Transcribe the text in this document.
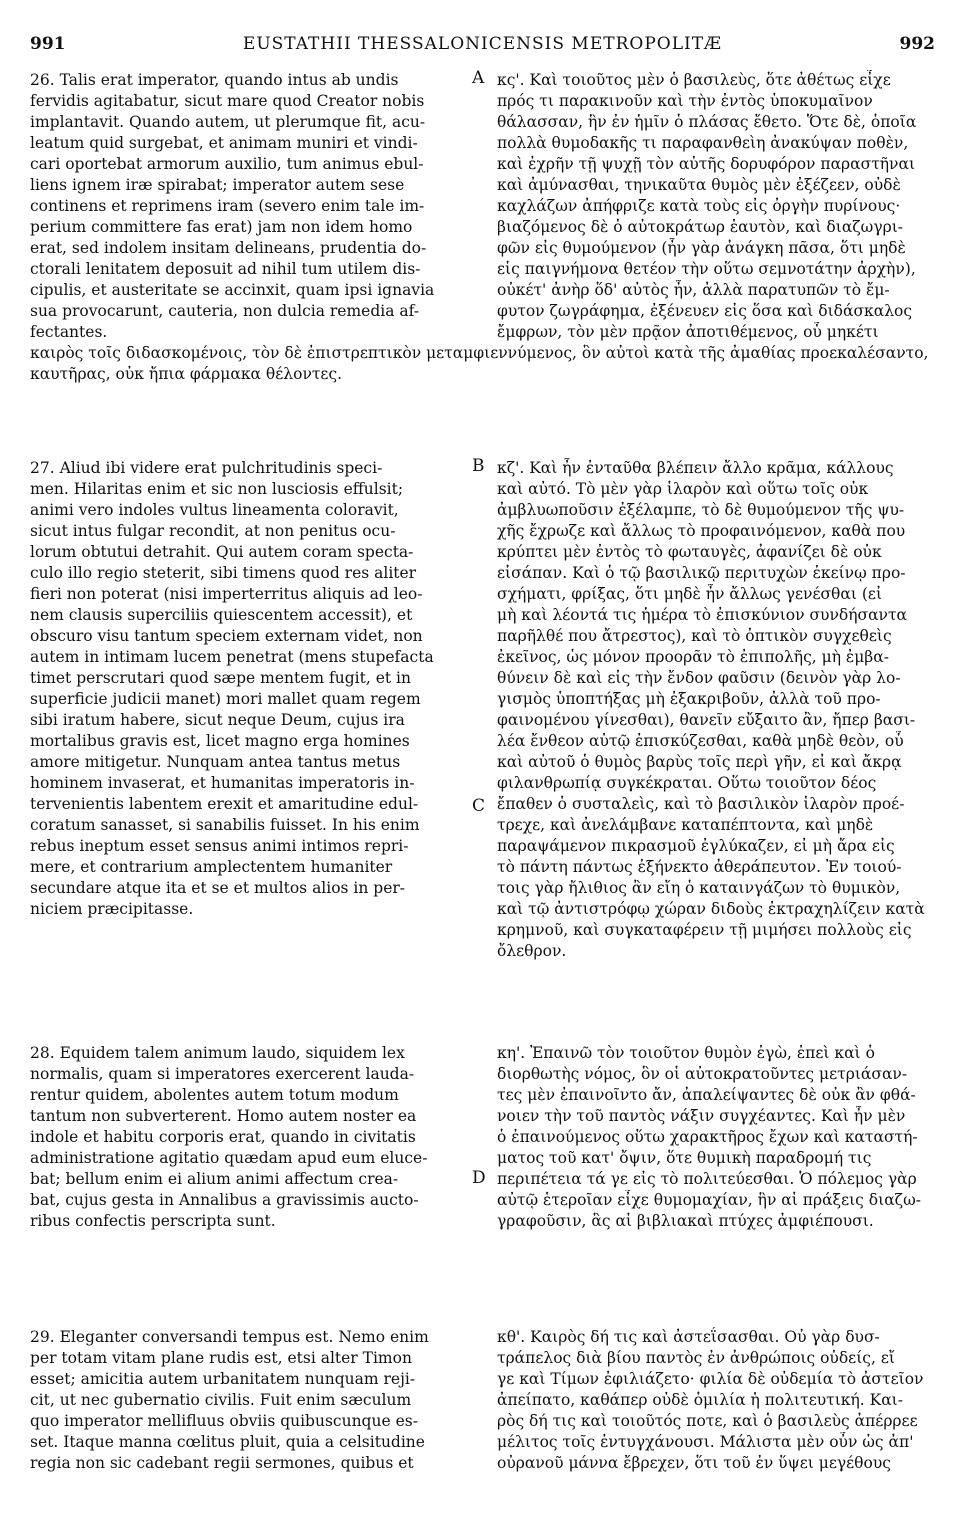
991	EUSTATHII THESSALONICENSIS METROPOLITÆ	992
26. Talis erat imperator, quando intus ab undis
fervidis agitabatur, sicut mare quod Creator nobis
implantavit. Quando autem, ut plerumque fit, acu-
leatum quid surgebat, et animam muniri et vindi-
cari oportebat armorum auxilio, tum animus ebul-
liens ignem iræ spirabat; imperator autem sese
continens et reprimens iram (severo enim tale im-
perium committere fas erat) jam non idem homo
erat, sed indolem insitam delineans, prudentia do-
ctorali lenitatem deposuit ad nihil tum utilem dis-
cipulis, et austeritate se accinxit, quam ipsi ignavia
sua provocarunt, cauteria, non dulcia remedia af-
fectantes.
A κς'. Καὶ τοιοῦτος μὲν ὁ βασιλεὺς, ὅτε ἀθέτως εἶχε
πρός τι παρακινοῦν καὶ τὴν ἐντὸς ὑποκυμαῖνον
θάλασσαν, ἣν ἐν ἡμῖν ὁ πλάσας ἔθετο. Ὅτε δὲ, ὁποῖα
πολλὰ θυμοδακῆς τι παραφανθεὶη ἀνακύψαν ποθὲν,
καὶ ἐχρῆν τῇ ψυχῇ τὸν αὐτῆς δορυφόρον παραστῆναι
καὶ ἀμύνασθαι, τηνικαῦτα θυμὸς μὲν ἐξέζεεν, οὐδὲ
καχλάζων ἀπήφριζε κατὰ τοὺς εἰς ὀργὴν πυρίνους·
βιαζόμενος δὲ ὁ αὐτοκράτωρ ἑαυτὸν, καὶ διαζωγρι-
φῶν εἰς θυμούμενον (ἦν γὰρ ἀνάγκη πᾶσα, ὅτι μηδὲ
εἰς παιγνήμονα θετέον τὴν οὕτω σεμνοτάτην ἀρχὴν),
οὐκέτ' ἀνὴρ ὅδ' αὐτὸς ἦν, ἀλλὰ παρατυπῶν τὸ ἔμ-
φυτον ζωγράφημα, ἐξένευεν εἰς ὅσα καὶ διδάσκαλος
ἔμφρων, τὸν μὲν πρᾷον ἀποτιθέμενος, οὗ μηκέτι
καιρὸς τοῖς διδασκομένοις, τὸν δὲ ἐπιστρεπτικὸν μεταμφιεννύμενος, ὃν αὐτοὶ κατὰ τῆς ἀμαθίας προεκαλέσαντο,
καυτῆρας, οὐκ ἤπια φάρμακα θέλοντες.
27. Aliud ibi videre erat pulchritudinis speci-
men. Hilaritas enim et sic non lusciosis effulsit;
animi vero indoles vultus lineamenta coloravit,
sicut intus fulgar recondit, at non penitus ocu-
lorum obtutui detrahit. Qui autem coram specta-
culo illo regio steterit, sibi timens quod res aliter
fieri non poterat (nisi imperterritus aliquis ad leo-
nem clausis superciliis quiescentem accessit), et
obscuro visu tantum speciem externam videt, non
autem in intimam lucem penetrat (mens stupefacta
timet perscrutari quod sæpe mentem fugit, et in
superficie judicii manet) mori mallet quam regem
sibi iratum habere, sicut neque Deum, cujus ira
mortalibus gravis est, licet magno erga homines
amore mitigetur. Nunquam antea tantus metus
hominem invaserat, et humanitas imperatoris in-
tervenientis labentem erexit et amaritudine edul-
coratum sanasset, si sanabilis fuisset. In his enim
rebus ineptum esset sensus animi intimos repri-
mere, et contrarium amplectentem humaniter
secundare atque ita et se et multos alios in per-
niciem præcipitasse.
B
C
κζ'. Καὶ ἦν ἐνταῦθα βλέπειν ἄλλο κρᾶμα, κάλλους
καὶ αὐτό. Τὸ μὲν γὰρ ἱλαρὸν καὶ οὕτω τοῖς οὐκ
ἀμβλυωποῦσιν ἐξέλαμπε, τὸ δὲ θυμούμενον τῆς ψυ-
χῆς ἔχρωζε καὶ ἄλλως τὸ προφαινόμενον, καθὰ που
κρύπτει μὲν ἐντὸς τὸ φωταυγὲς, ἀφανίζει δὲ οὐκ
εἰσάπαν. Καὶ ὁ τῷ βασιλικῷ περιτυχὼν ἐκείνῳ προ-
σχήματι, φρίξας, ὅτι μηδὲ ἦν ἄλλως γενέσθαι (εἰ
μὴ καὶ λέοντά τις ἡμέρα τὸ ἐπισκύνιον συνδήσαντα
παρῆλθέ που ἄτρεστος), καὶ τὸ ὀπτικὸν συγχεθεὶς
ἐκεῖνος, ὡς μόνον προορᾶν τὸ ἐπιπολῆς, μὴ ἐμβα-
θύνειν δὲ καὶ εἰς τὴν ἔνδον φαῦσιν (δεινὸν γὰρ λο-
γισμὸς ὑποπτήξας μὴ ἐξακριβοῦν, ἀλλὰ τοῦ προ-
φαινομένου γίνεσθαι), θανεῖν εὔξαιτο ἂν, ἤπερ βασι-
λέα ἔνθεον αὐτῷ ἐπισκύζεσθαι, καθὰ μηδὲ θεὸν, οὗ
καὶ αὐτοῦ ὁ θυμὸς βαρὺς τοῖς περὶ γῆν, εἰ καὶ ἄκρᾳ
φιλανθρωπίᾳ συγκέκραται. Οὕτω τοιοῦτον δέος
ἔπαθεν ὁ συσταλεὶς, καὶ τὸ βασιλικὸν ἱλαρὸν προέ-
τρεχε, καὶ ἀνελάμβανε καταπέπτοντα, καὶ μηδὲ
παραψάμενον πικρασμοῦ ἐγλύκαζεν, εἰ μὴ ἄρα εἰς
τὸ πάντη πάντως ἐξήνεκτο ἀθεράπευτον. Ἐν τοιού-
τοις γὰρ ἤλιθιος ἂν εἴη ὁ καταινγάζων τὸ θυμικὸν,
καὶ τῷ ἀντιστρόφῳ χώραν διδοὺς ἐκτραχηλίζειν κατὰ
κρημνοῦ, καὶ συγκαταφέρειν τῇ μιμήσει πολλοὺς εἰς
ὄλεθρον.
28. Equidem talem animum laudo, siquidem lex
normalis, quam si imperatores exercerent lauda-
rentur quidem, abolentes autem totum modum
tantum non subverterent. Homo autem noster ea
indole et habitu corporis erat, quando in civitatis
administratione agitatio quædam apud eum eluce-
bat; bellum enim ei alium animi affectum crea-
bat, cujus gesta in Annalibus a gravissimis aucto-
ribus confectis perscripta sunt.
D
κη'. Ἐπαινῶ τὸν τοιοῦτον θυμὸν ἐγὼ, ἐπεὶ καὶ ὁ
διορθωτὴς νόμος, ὃν οἱ αὐτοκρατοῦντες μετριάσαν-
τες μὲν ἐπαινοῖντο ἄν, ἀπαλείψαντες δὲ οὐκ ἂν φθά-
νοιεν τὴν τοῦ παντὸς νάξιν συγχέαντες. Καὶ ἦν μὲν
ὁ ἐπαινούμενος οὕτω χαρακτῆρος ἔχων καὶ καταστή-
ματος τοῦ κατ' ὄψιν, ὅτε θυμικὴ παραδρομή τις
περιπέτεια τά γε εἰς τὸ πολιτεύεσθαι. Ὁ πόλεμος γὰρ
αὐτῷ ἑτεροῖαν εἶχε θυμομαχίαν, ἣν αἱ πράξεις διαζω-
γραφοῦσιν, ἃς αἱ βιβλιακαὶ πτύχες ἀμφιέπουσι.
29. Eleganter conversandi tempus est. Nemo enim
per totam vitam plane rudis est, etsi alter Timon
esset; amicitia autem urbanitatem nunquam reji-
cit, ut nec gubernatio civilis. Fuit enim sæculum
quo imperator mellifluus obviis quibuscunque es-
set. Itaque manna cœlitus pluit, quia a celsitudine
regia non sic cadebant regii sermones, quibus et
κθ'. Καιρὸς δή τις καὶ ἀστεΐσασθαι. Οὐ γὰρ δυσ-
τράπελος διὰ βίου παντὸς ἐν ἀνθρώποις οὐδείς, εἴ
γε καὶ Τίμων ἐφιλιάζετο· φιλία δὲ οὐδεμία τὸ ἀστεῖον
ἀπείπατο, καθάπερ οὐδὲ ὁμιλία ἡ πολιτευτική. Και-
ρὸς δή τις καὶ τοιοῦτός ποτε, καὶ ὁ βασιλεὺς ἀπέρρεε
μέλιτος τοῖς ἐντυγχάνουσι. Μάλιστα μὲν οὖν ὡς ἀπ'
οὐρανοῦ μάννα ἔβρεχεν, ὅτι τοῦ ἐν ὕψει μεγέθους
